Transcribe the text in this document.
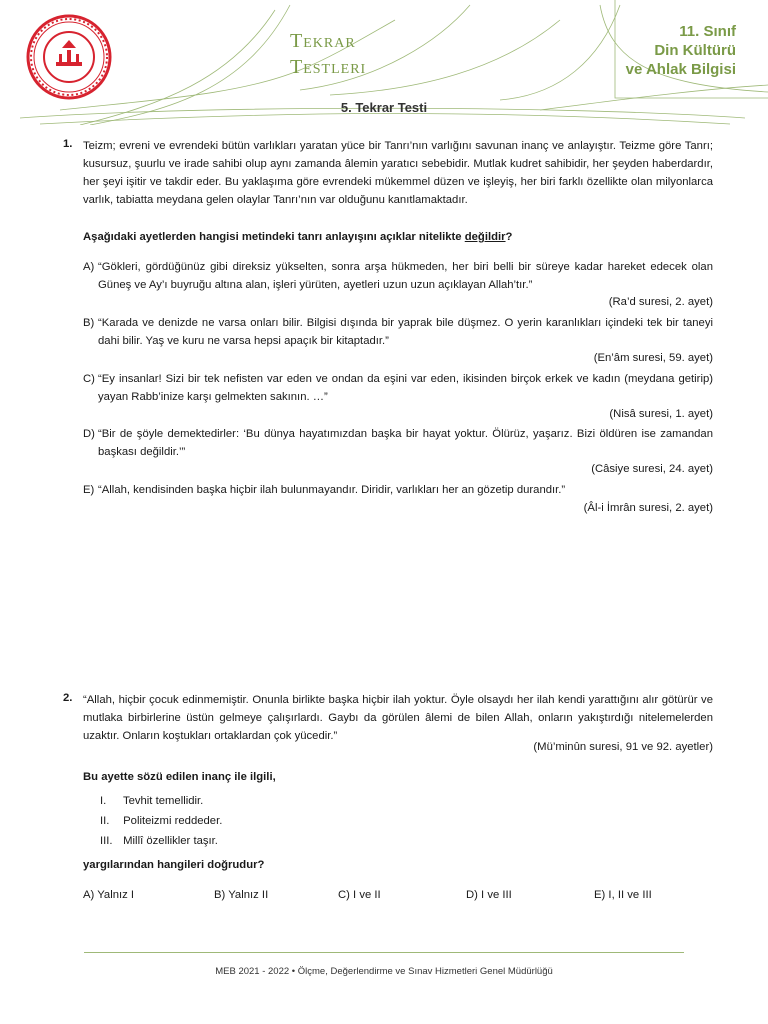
Tekrar
Testleri
11. Sınıf
Din Kültürü
ve Ahlak Bilgisi
5. Tekrar Testi
1. Teizm; evreni ve evrendeki bütün varlıkları yaratan yüce bir Tanrı’nın varlığını savunan inanç ve anlayıştır. Teizme göre Tanrı; kusursuz, şuurlu ve irade sahibi olup aynı zamanda âlemin yaratıcı sebebidir. Mutlak kudret sahibidir, her şeyden haberdardır, her şeyi işitir ve takdir eder. Bu yaklaşıma göre evrendeki mükemmel düzen ve işleyiş, her biri farklı özellikte olan milyonlarca varlık, tabiatta meydana gelen olaylar Tanrı’nın var olduğunu kanıtlamaktadır.
Aşağıdaki ayetlerden hangisi metindeki tanrı anlayışını açıklar nitelikte değildir?
A) “Gökleri, gördüğünüz gibi direksiz yükselten, sonra arşa hükmeden, her biri belli bir süreye kadar hareket edecek olan Güneş ve Ay’ı buyruğu altına alan, işleri yürüten, ayetleri uzun uzun açıklayan Allah’tır.”
(Ra’d suresi, 2. ayet)
B) “Karada ve denizde ne varsa onları bilir. Bilgisi dışında bir yaprak bile düşmez. O yerin karanlıkları içindeki tek bir taneyi dahi bilir. Yaş ve kuru ne varsa hepsi apaçık bir kitaptadır.”
(En’âm suresi, 59. ayet)
C) “Ey insanlar! Sizi bir tek nefisten var eden ve ondan da eşini var eden, ikisinden birçok erkek ve kadın (meydana getirip) yayan Rabb’inize karşı gelmekten sakının. …”
(Nisâ suresi, 1. ayet)
D) “Bir de şöyle demektedirler: ‘Bu dünya hayatımızdan başka bir hayat yoktur. Ölürüz, yaşarız. Bizi öldüren ise zamandan başkası değildir.’”
(Câsiye suresi, 24. ayet)
E) “Allah, kendisinden başka hiçbir ilah bulunmayandır. Diridir, varlıkları her an gözetip durandır.”
(Âl-i İmrân suresi, 2. ayet)
2. “Allah, hiçbir çocuk edinmemiştir. Onunla birlikte başka hiçbir ilah yoktur. Öyle olsaydı her ilah kendi yarattığını alır götürür ve mutlaka birbirlerine üstün gelmeye çalışırlardı. Gaybı da görülen âlemi de bilen Allah, onların yakıştırdığı nitelemelerden uzaktır. Onların koştukları ortaklardan çok yücedir.”
(Mü’minûn suresi, 91 ve 92. ayetler)
Bu ayette sözü edilen inanç ile ilgili,
I. Tevhit temellidir.
II. Politeizmi reddeder.
III. Millî özellikler taşır.
yargılarından hangileri doğrudur?
A) Yalnız I	B) Yalnız II	C) I ve II	D) I ve III	E) I, II ve III
MEB 2021 - 2022 • Ölçme, Değerlendirme ve Sınav Hizmetleri Genel Müdürlüğü
